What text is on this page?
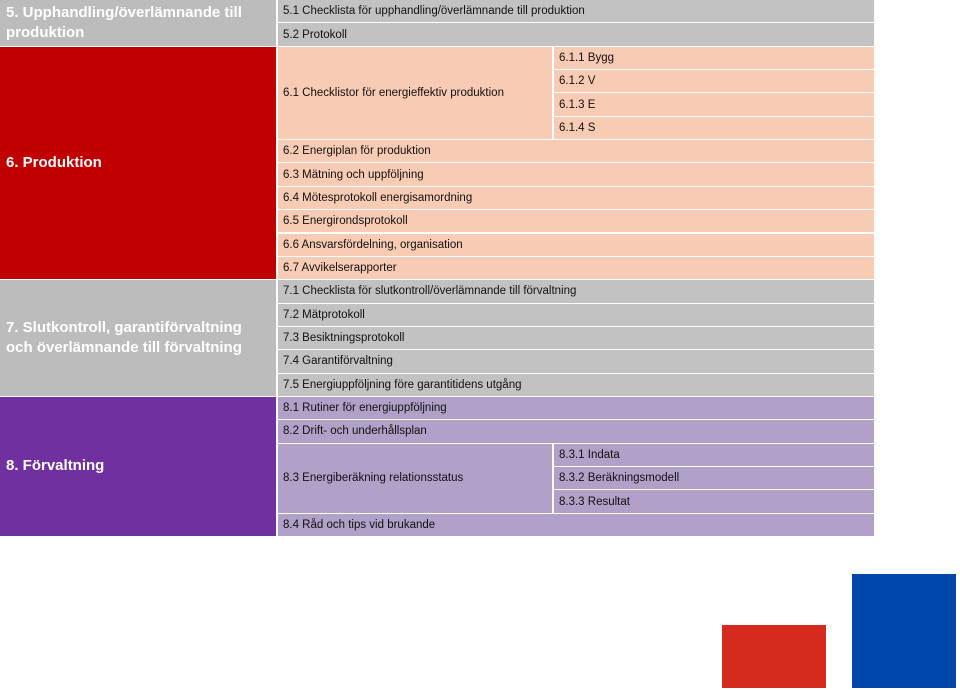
5.1 Checklista för upphandling/överlämnande till produktion
5.2 Protokoll
5. Upphandling/överlämnande till produktion
6.1 Checklistor för energieffektiv produktion
6.1.1 Bygg
6.1.2 V
6.1.3 E
6.1.4 S
6.2 Energiplan för produktion
6.3 Mätning och uppföljning
6.4 Mötesprotokoll energisamordning
6.5 Energirondsprotokoll
6.6 Ansvarsfördelning, organisation
6.7 Avvikelserapporter
6. Produktion
7.1 Checklista för slutkontroll/överlämnande till förvaltning
7.2 Mätprotokoll
7.3 Besiktningsprotokoll
7.4 Garantiförvaltning
7.5 Energiuppföljning före garantitidens utgång
7. Slutkontroll, garantiförvaltning och överlämnande till förvaltning
8.1 Rutiner för energiuppföljning
8.2 Drift- och underhållsplan
8.3 Energiberäkning relationsstatus
8.3.1 Indata
8.3.2 Beräkningsmodell
8.3.3 Resultat
8.4 Råd och tips vid brukande
8. Förvaltning
